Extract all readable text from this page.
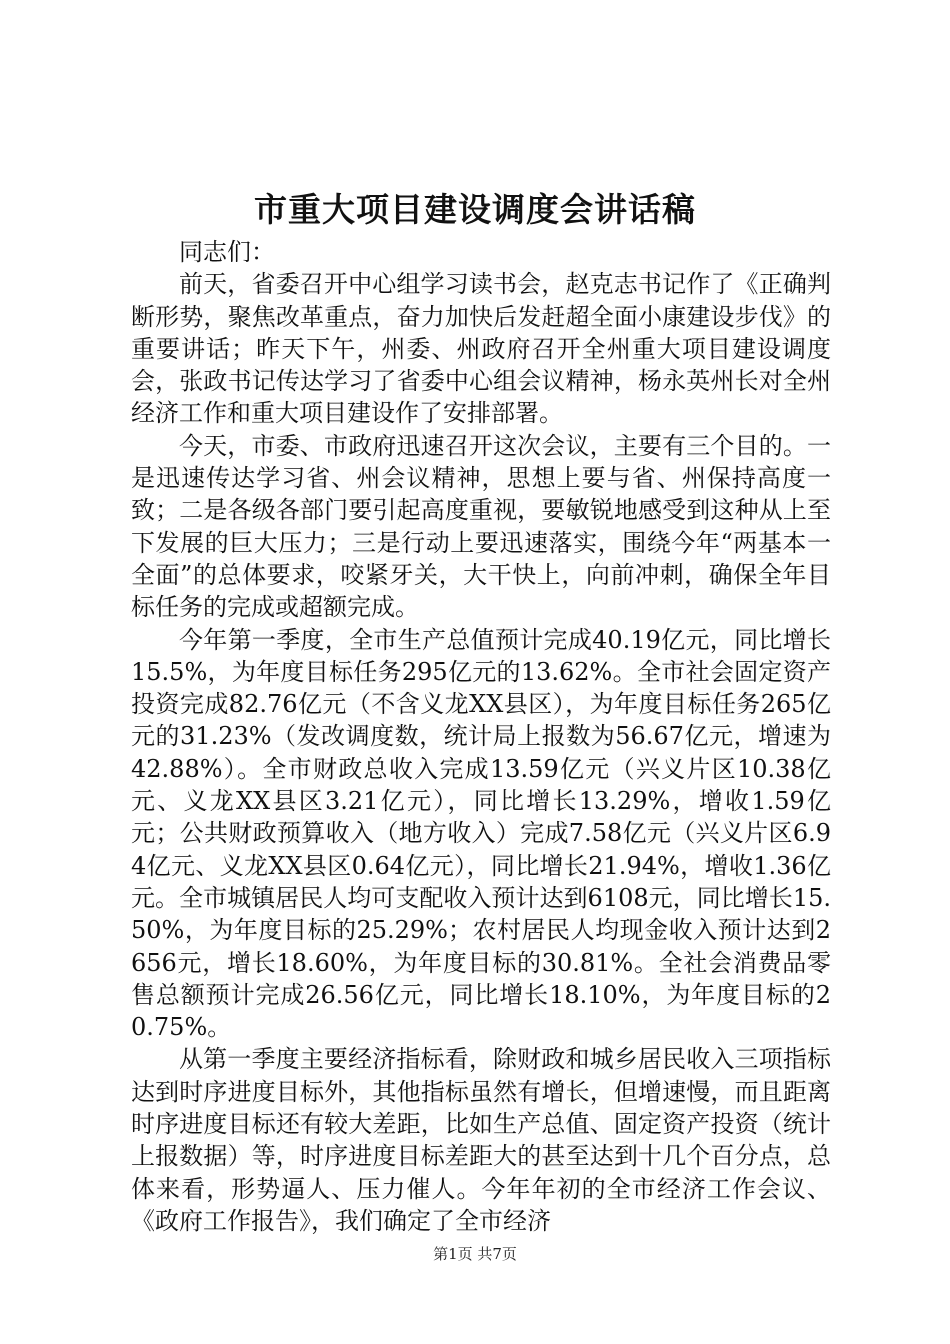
市重大项目建设调度会讲话稿

同志们：

前天，省委召开中心组学习读书会，赵克志书记作了《正确判断形势，聚焦改革重点，奋力加快后发赶超全面小康建设步伐》的重要讲话；昨天下午，州委、州政府召开全州重大项目建设调度会，张政书记传达学习了省委中心组会议精神，杨永英州长对全州经济工作和重大项目建设作了安排部署。

今天，市委、市政府迅速召开这次会议，主要有三个目的。一是迅速传达学习省、州会议精神，思想上要与省、州保持高度一致；二是各级各部门要引起高度重视，要敏锐地感受到这种从上至下发展的巨大压力；三是行动上要迅速落实，围绕今年“两基本一全面”的总体要求，咬紧牙关，大干快上，向前冲刺，确保全年目标任务的完成或超额完成。

今年第一季度，全市生产总值预计完成40.19亿元，同比增长15.5%，为年度目标任务295亿元的13.62%。全市社会固定资产投资完成82.76亿元（不含义龙XX县区），为年度目标任务265亿元的31.23%（发改调度数，统计局上报数为56.67亿元，增速为42.88%）。全市财政总收入完成13.59亿元（兴义片区10.38亿元、义龙XX县区3.21亿元），同比增长13.29%，增收1.59亿元；公共财政预算收入（地方收入）完成7.58亿元（兴义片区6.94亿元、义龙XX县区0.64亿元），同比增长21.94%，增收1.36亿元。全市城镇居民人均可支配收入预计达到6108元，同比增长15.50%，为年度目标的25.29%；农村居民人均现金收入预计达到2656元，增长18.60%，为年度目标的30.81%。全社会消费品零售总额预计完成26.56亿元，同比增长18.10%，为年度目标的20.75%。

从第一季度主要经济指标看，除财政和城乡居民收入三项指标达到时序进度目标外，其他指标虽然有增长，但增速慢，而且距离时序进度目标还有较大差距，比如生产总值、固定资产投资（统计上报数据）等，时序进度目标差距大的甚至达到十几个百分点，总体来看，形势逼人、压力催人。今年年初的全市经济工作会议、《政府工作报告》，我们确定了全市经济

第1页 共7页
